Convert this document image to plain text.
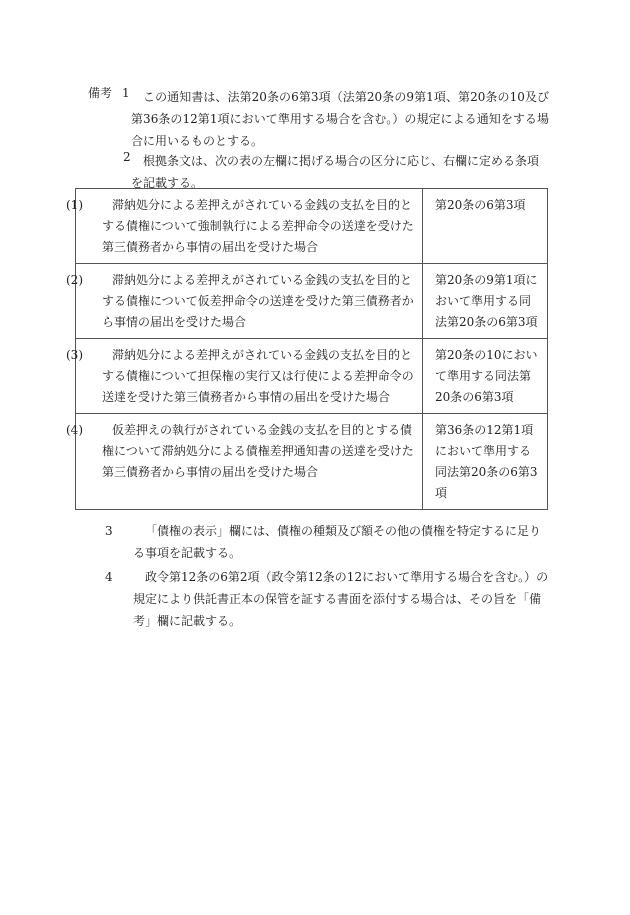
備考 1	この通知書は、法第20条の6第3項（法第20条の9第1項、第20条の10及び第36条の12第1項において準用する場合を含む。）の規定による通知をする場合に用いるものとする。
2	根拠条文は、次の表の左欄に掲げる場合の区分に応じ、右欄に定める条項を記載する。
(1) 滞納処分による差押えがされている金銭の支払を目的とする債権について強制執行による差押命令の送達を受けた第三債務者から事情の届出を受けた場合	第20条の6第3項

(2) 滞納処分による差押えがされている金銭の支払を目的とする債権について仮差押命令の送達を受けた第三債務者から事情の届出を受けた場合	第20条の9第1項において準用する同法第20条の6第3項

(3) 滞納処分による差押えがされている金銭の支払を目的とする債権について担保権の実行又は行使による差押命令の送達を受けた第三債務者から事情の届出を受けた場合	第20条の10において準用する同法第20条の6第3項

(4) 仮差押えの執行がされている金銭の支払を目的とする債権について滞納処分による債権差押通知書の送達を受けた第三債務者から事情の届出を受けた場合	第36条の12第1項において準用する同法第20条の6第3項
3	「債権の表示」欄には、債権の種類及び額その他の債権を特定するに足りる事項を記載する。
4	政令第12条の6第2項（政令第12条の12において準用する場合を含む。）の規定により供託書正本の保管を証する書面を添付する場合は、その旨を「備考」欄に記載する。
